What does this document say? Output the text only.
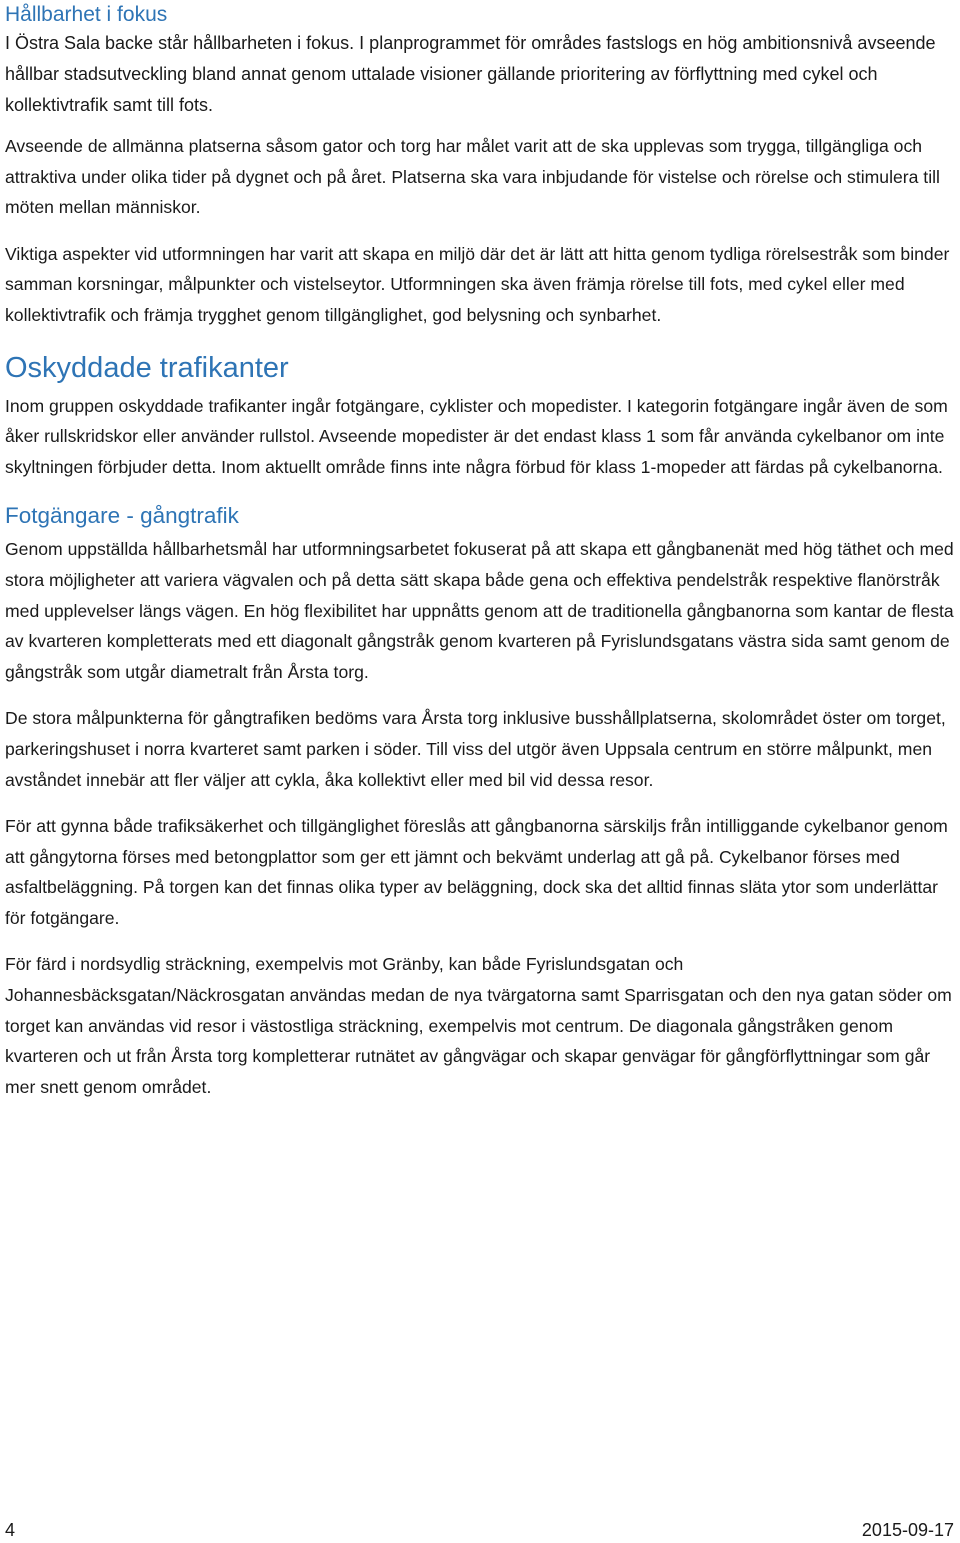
Hållbarhet i fokus

I Östra Sala backe står hållbarheten i fokus. I planprogrammet för områdes fastslogs en hög ambitionsnivå avseende hållbar stadsutveckling bland annat genom uttalade visioner gällande prioritering av förflyttning med cykel och kollektivtrafik samt till fots.

Avseende de allmänna platserna såsom gator och torg har målet varit att de ska upplevas som trygga, tillgängliga och attraktiva under olika tider på dygnet och på året. Platserna ska vara inbjudande för vistelse och rörelse och stimulera till möten mellan människor.

Viktiga aspekter vid utformningen har varit att skapa en miljö där det är lätt att hitta genom tydliga rörelsestråk som binder samman korsningar, målpunkter och vistelseytor. Utformningen ska även främja rörelse till fots, med cykel eller med kollektivtrafik och främja trygghet genom tillgänglighet, god belysning och synbarhet.

Oskyddade trafikanter

Inom gruppen oskyddade trafikanter ingår fotgängare, cyklister och mopedister. I kategorin fotgängare ingår även de som åker rullskridskor eller använder rullstol. Avseende mopedister är det endast klass 1 som får använda cykelbanor om inte skyltningen förbjuder detta. Inom aktuellt område finns inte några förbud för klass 1-mopeder att färdas på cykelbanorna.

Fotgängare - gångtrafik

Genom uppställda hållbarhetsmål har utformningsarbetet fokuserat på att skapa ett gångbanenät med hög täthet och med stora möjligheter att variera vägvalen och på detta sätt skapa både gena och effektiva pendelstråk respektive flanörstråk med upplevelser längs vägen. En hög flexibilitet har uppnåtts genom att de traditionella gångbanorna som kantar de flesta av kvarteren kompletterats med ett diagonalt gångstråk genom kvarteren på Fyrislundsgatans västra sida samt genom de gångstråk som utgår diametralt från Årsta torg.

De stora målpunkterna för gångtrafiken bedöms vara Årsta torg inklusive busshållplatserna, skolområdet öster om torget, parkeringshuset i norra kvarteret samt parken i söder. Till viss del utgör även Uppsala centrum en större målpunkt, men avståndet innebär att fler väljer att cykla, åka kollektivt eller med bil vid dessa resor.

För att gynna både trafiksäkerhet och tillgänglighet föreslås att gångbanorna särskiljs från intilliggande cykelbanor genom att gångytorna förses med betongplattor som ger ett jämnt och bekvämt underlag att gå på. Cykelbanor förses med asfaltbeläggning. På torgen kan det finnas olika typer av beläggning, dock ska det alltid finnas släta ytor som underlättar för fotgängare.

För färd i nordsydlig sträckning, exempelvis mot Gränby, kan både Fyrislundsgatan och Johannesbäcksgatan/Näckrosgatan användas medan de nya tvärgatorna samt Sparrisgatan och den nya gatan söder om torget kan användas vid resor i västostliga sträckning, exempelvis mot centrum. De diagonala gångstråken genom kvarteren och ut från Årsta torg kompletterar rutnätet av gångvägar och skapar genvägar för gångförflyttningar som går mer snett genom området.

4	2015-09-17
